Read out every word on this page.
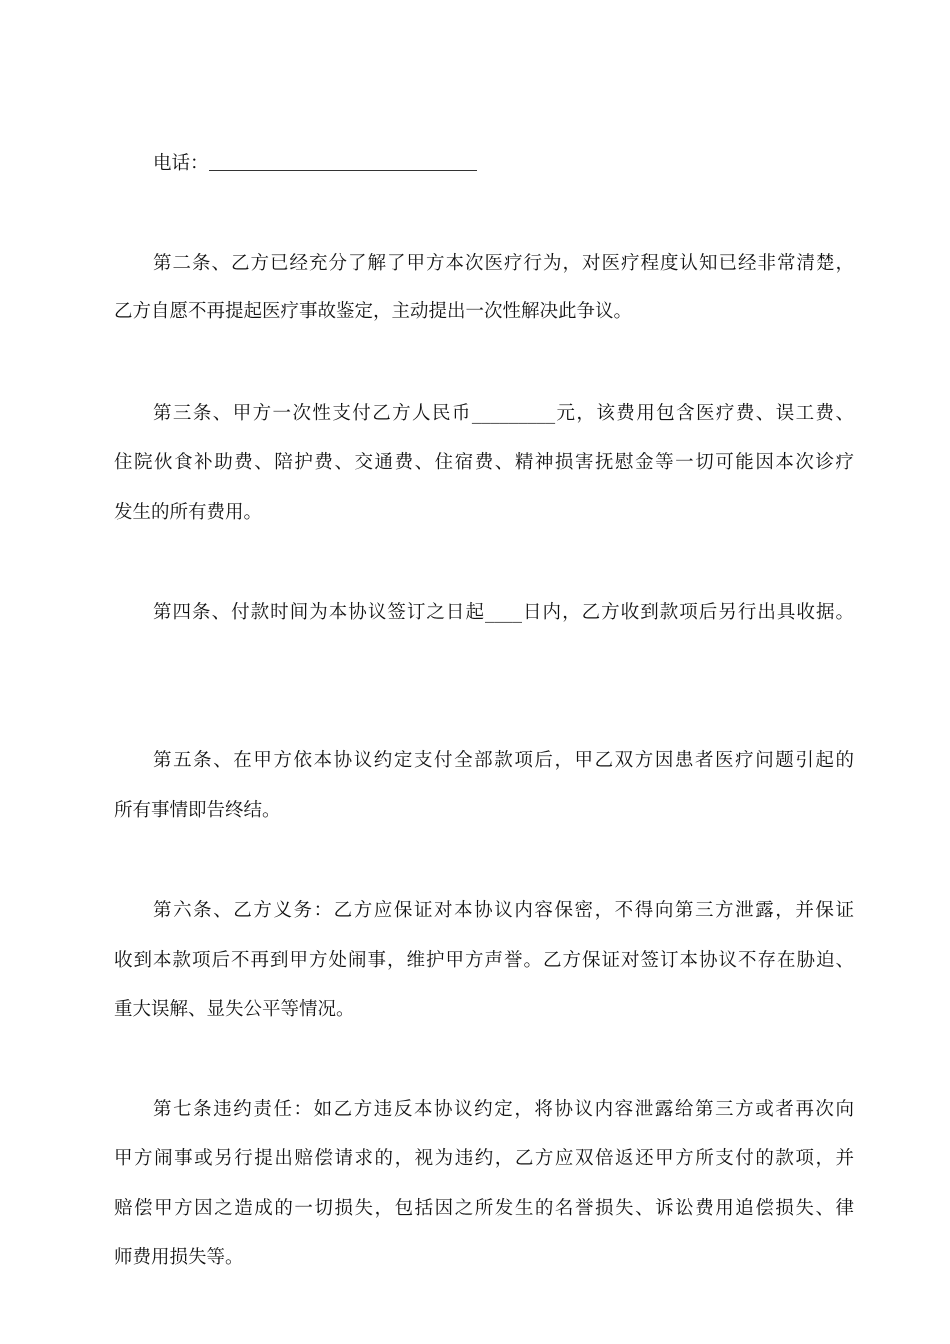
电话：
第二条、乙方已经充分了解了甲方本次医疗行为，对医疗程度认知已经非常清楚，
乙方自愿不再提起医疗事故鉴定，主动提出一次性解决此争议。
第三条、甲方一次性支付乙方人民币_________元，该费用包含医疗费、误工费、
住院伙食补助费、陪护费、交通费、住宿费、精神损害抚慰金等一切可能因本次诊疗
发生的所有费用。
第四条、付款时间为本协议签订之日起____日内，乙方收到款项后另行出具收据。
第五条、在甲方依本协议约定支付全部款项后，甲乙双方因患者医疗问题引起的
所有事情即告终结。
第六条、乙方义务：乙方应保证对本协议内容保密，不得向第三方泄露，并保证
收到本款项后不再到甲方处闹事，维护甲方声誉。乙方保证对签订本协议不存在胁迫、
重大误解、显失公平等情况。
第七条违约责任：如乙方违反本协议约定，将协议内容泄露给第三方或者再次向
甲方闹事或另行提出赔偿请求的，视为违约，乙方应双倍返还甲方所支付的款项，并
赔偿甲方因之造成的一切损失，包括因之所发生的名誉损失、诉讼费用追偿损失、律
师费用损失等。
